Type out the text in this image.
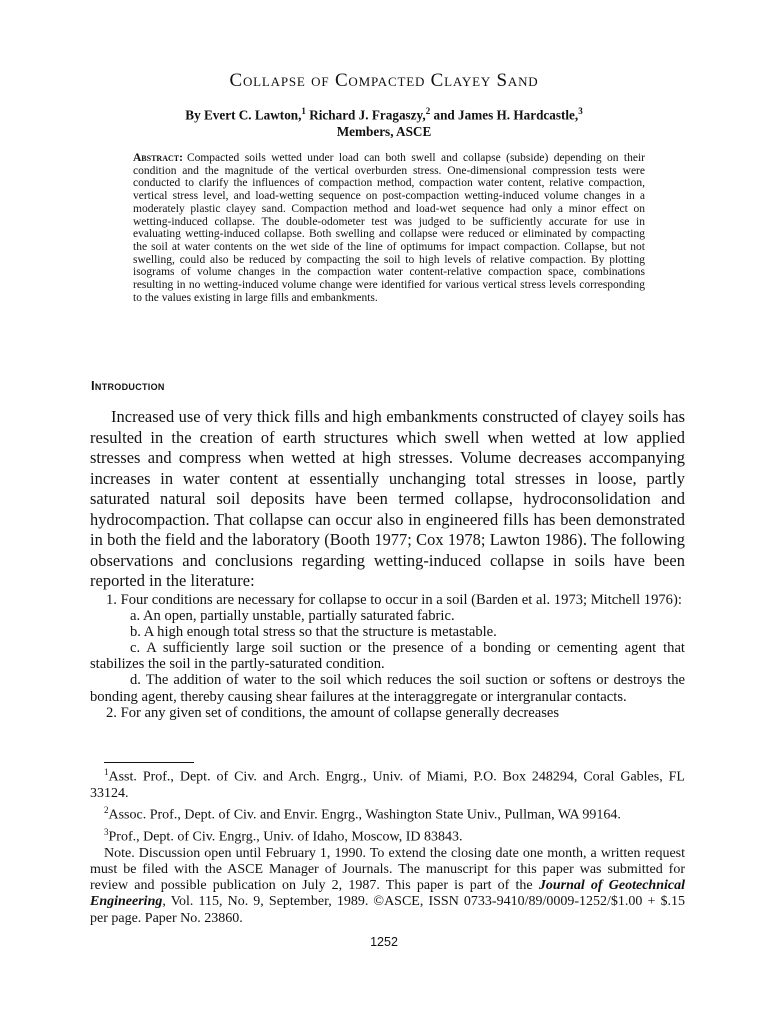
Collapse of Compacted Clayey Sand
By Evert C. Lawton,$^1$ Richard J. Fragaszy,$^2$ and James H. Hardcastle,$^3$
Members, ASCE

Abstract: Compacted soils wetted under load can both swell and collapse (subside) depending on their condition and the magnitude of the vertical overburden stress. One-dimensional compression tests were conducted to clarify the influences of compaction method, compaction water content, relative compaction, vertical stress level, and load-wetting sequence on post-compaction wetting-induced volume changes in a moderately plastic clayey sand. Compaction method and load-wet sequence had only a minor effect on wetting-induced collapse. The double-odometer test was judged to be sufficiently accurate for use in evaluating wetting-induced collapse. Both swelling and collapse were reduced or eliminated by compacting the soil at water contents on the wet side of the line of optimums for impact compaction. Collapse, but not swelling, could also be reduced by compacting the soil to high levels of relative compaction. By plotting isograms of volume changes in the compaction water content-relative compaction space, combinations resulting in no wetting-induced volume change were identified for various vertical stress levels corresponding to the values existing in large fills and embankments.

Introduction

Increased use of very thick fills and high embankments constructed of clayey soils has resulted in the creation of earth structures which swell when wetted at low applied stresses and compress when wetted at high stresses. Volume decreases accompanying increases in water content at essentially unchanging total stresses in loose, partly saturated natural soil deposits have been termed collapse, hydroconsolidation and hydrocompaction. That collapse can occur also in engineered fills has been demonstrated in both the field and the laboratory (Booth 1977; Cox 1978; Lawton 1986). The following observations and conclusions regarding wetting-induced collapse in soils have been reported in the literature:

1. Four conditions are necessary for collapse to occur in a soil (Barden et al. 1973; Mitchell 1976):

a. An open, partially unstable, partially saturated fabric.

b. A high enough total stress so that the structure is metastable.

c. A sufficiently large soil suction or the presence of a bonding or cementing agent that stabilizes the soil in the partly-saturated condition.

d. The addition of water to the soil which reduces the soil suction or softens or destroys the bonding agent, thereby causing shear failures at the interaggregate or intergranular contacts.

2. For any given set of conditions, the amount of collapse generally decreases

$^1$Asst. Prof., Dept. of Civ. and Arch. Engrg., Univ. of Miami, P.O. Box 248294, Coral Gables, FL 33124.

$^2$Assoc. Prof., Dept. of Civ. and Envir. Engrg., Washington State Univ., Pullman, WA 99164.

$^3$Prof., Dept. of Civ. Engrg., Univ. of Idaho, Moscow, ID 83843.

Note. Discussion open until February 1, 1990. To extend the closing date one month, a written request must be filed with the ASCE Manager of Journals. The manuscript for this paper was submitted for review and possible publication on July 2, 1987. This paper is part of the Journal of Geotechnical Engineering, Vol. 115, No. 9, September, 1989. ©ASCE, ISSN 0733-9410/89/0009-1252/$1.00 + $.15 per page. Paper No. 23860.

1252
